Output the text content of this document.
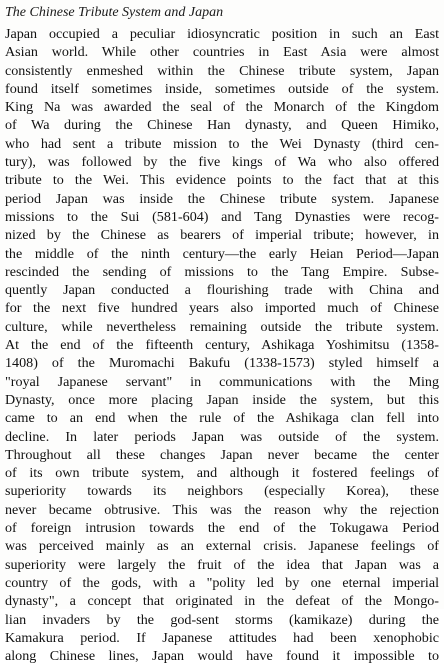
The Chinese Tribute System and Japan
Japan occupied a peculiar idiosyncratic position in such an East
Asian world. While other countries in East Asia were almost
consistently enmeshed within the Chinese tribute system, Japan
found itself sometimes inside, sometimes outside of the system.
King Na was awarded the seal of the Monarch of the Kingdom
of Wa during the Chinese Han dynasty, and Queen Himiko,
who had sent a tribute mission to the Wei Dynasty (third cen-
tury), was followed by the five kings of Wa who also offered
tribute to the Wei. This evidence points to the fact that at this
period Japan was inside the Chinese tribute system. Japanese
missions to the Sui (581-604) and Tang Dynasties were recog-
nized by the Chinese as bearers of imperial tribute; however, in
the middle of the ninth century—the early Heian Period—Japan
rescinded the sending of missions to the Tang Empire. Subse-
quently Japan conducted a flourishing trade with China and
for the next five hundred years also imported much of Chinese
culture, while nevertheless remaining outside the tribute system.
At the end of the fifteenth century, Ashikaga Yoshimitsu (1358-
1408) of the Muromachi Bakufu (1338-1573) styled himself a
"royal Japanese servant" in communications with the Ming
Dynasty, once more placing Japan inside the system, but this
came to an end when the rule of the Ashikaga clan fell into
decline. In later periods Japan was outside of the system.
Throughout all these changes Japan never became the center
of its own tribute system, and although it fostered feelings of
superiority towards its neighbors (especially Korea), these
never became obtrusive. This was the reason why the rejection
of foreign intrusion towards the end of the Tokugawa Period
was perceived mainly as an external crisis. Japanese feelings of
superiority were largely the fruit of the idea that Japan was a
country of the gods, with a "polity led by one eternal imperial
dynasty", a concept that originated in the defeat of the Mongo-
lian invaders by the god-sent storms (kamikaze) during the
Kamakura period. If Japanese attitudes had been xenophobic
along Chinese lines, Japan would have found it impossible to
